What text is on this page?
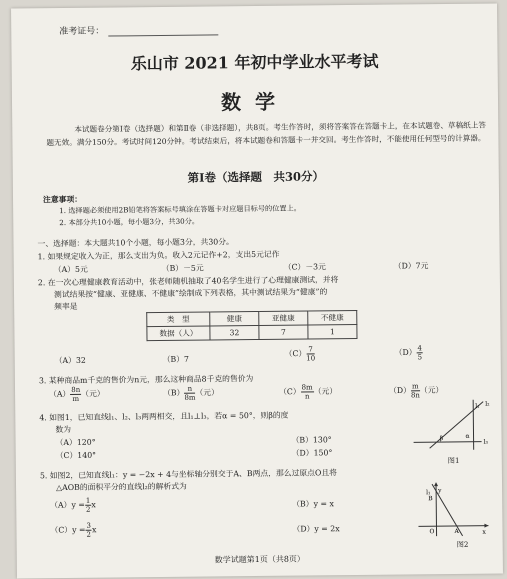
准考证号：
乐山市 2021 年初中学业水平考试
数学
本试题卷分第Ⅰ卷（选择题）和第Ⅱ卷（非选择题），共8页。考生作答时，须将答案答在答题卡上，在本试题卷、草稿纸上答题无效。满分150分。考试时间120分钟。考试结束后，将本试题卷和答题卡一并交回。考生作答时，不能使用任何型号的计算器。
第Ⅰ卷（选择题　共30分）
注意事项：
1. 选择题必须使用2B铅笔将答案标号填涂在答题卡对应题目标号的位置上。
2. 本部分共10小题，每小题3分，共30分。
一、选择题：本大题共10个小题，每小题3分，共30分。
1. 如果规定收入为正，那么支出为负。收入2元记作+2，支出5元记作
（A）5元	（B）－5元	（C）－3元	（D）7元
2. 在一次心理健康教育活动中，张老师随机抽取了40名学生进行了心理健康测试，并将
测试结果按“健康、亚健康、不健康”绘制成下列表格，其中测试结果为“健康”的
频率是
类　型	健康	亚健康	不健康
数据（人）	32	7	1
（A）32	（B）7
$(C) \frac{7}{10}$	$(D) \frac{4}{5}$
3. 某种商品m千克的售价为n元，那么这种商品8千克的售价为
$(A) \frac{8n}{m}$ （元）	$(B) \frac{n}{8m}$ （元）	$(C) \frac{8m}{n}$ （元）	$(D) \frac{m}{8n}$ （元）
4. 如图1，已知直线l₁、l₂、l₃两两相交，且l₁⊥l₃，若α = 50°，则β的度
数为
（A）120°	（B）130°
（C）140°	（D）150°
l₁ l₂
l₃
β	α
图1
5. 如图2，已知直线l₁：y = −2x + 4与坐标轴分别交于A、B两点，那么过原点O且将
△AOB的面积平分的直线l₂的解析式为
$(A)y = \frac{1}{2}$ x	（B）y = x
$(C)y = \frac{3}{2}$ x	（D）y = 2x
y
l₁
B
O	A	x
图2
数学试题第1页（共8页）
